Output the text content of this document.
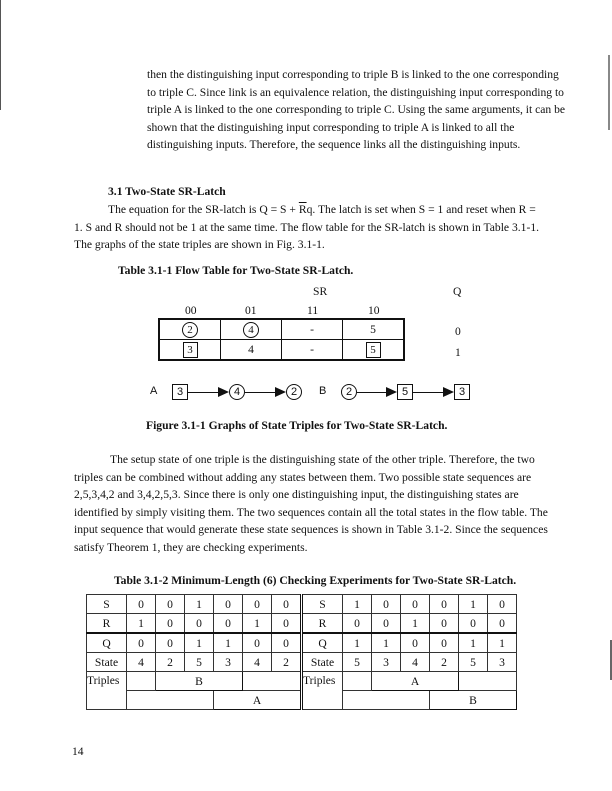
then the distinguishing input corresponding to triple B is linked to the one corresponding to triple C. Since link is an equivalence relation, the distinguishing input corresponding to triple A is linked to the one corresponding to triple C. Using the same arguments, it can be shown that the distinguishing input corresponding to triple A is linked to all the distinguishing inputs. Therefore, the sequence links all the distinguishing inputs.

3.1 Two-State SR-Latch

The equation for the SR-latch is $Q = S + \overline{R}q$. The latch is set when S = 1 and reset when R = 1. S and R should not be 1 at the same time. The flow table for the SR-latch is shown in Table 3.1-1. The graphs of the state triples are shown in Fig. 3.1-1.

Table 3.1-1 Flow Table for Two-State SR-Latch.
SR	Q
00	01	11	10
2	4	-	5
3	4	-	5
0
1
A	3	4	2	B	2	5	3
Figure 3.1-1 Graphs of State Triples for Two-State SR-Latch.

The setup state of one triple is the distinguishing state of the other triple. Therefore, the two triples can be combined without adding any states between them. Two possible state sequences are 2,5,3,4,2 and 3,4,2,5,3. Since there is only one distinguishing input, the distinguishing states are identified by simply visiting them. The two sequences contain all the total states in the flow table. The input sequence that would generate these state sequences is shown in Table 3.1-2. Since the sequences satisfy Theorem 1, they are checking experiments.

Table 3.1-2 Minimum-Length (6) Checking Experiments for Two-State SR-Latch.
S	0	0	1	0	0	0	S	1	0	0	0	1	0
R	1	0	0	0	1	0	R	0	0	1	0	0	0
Q	0	0	1	1	0	0	Q	1	1	0	0	1	1
State	4	2	5	3	4	2	State	5	3	4	2	5	3
Triples		B					Triples		A				
				A							B		
14
